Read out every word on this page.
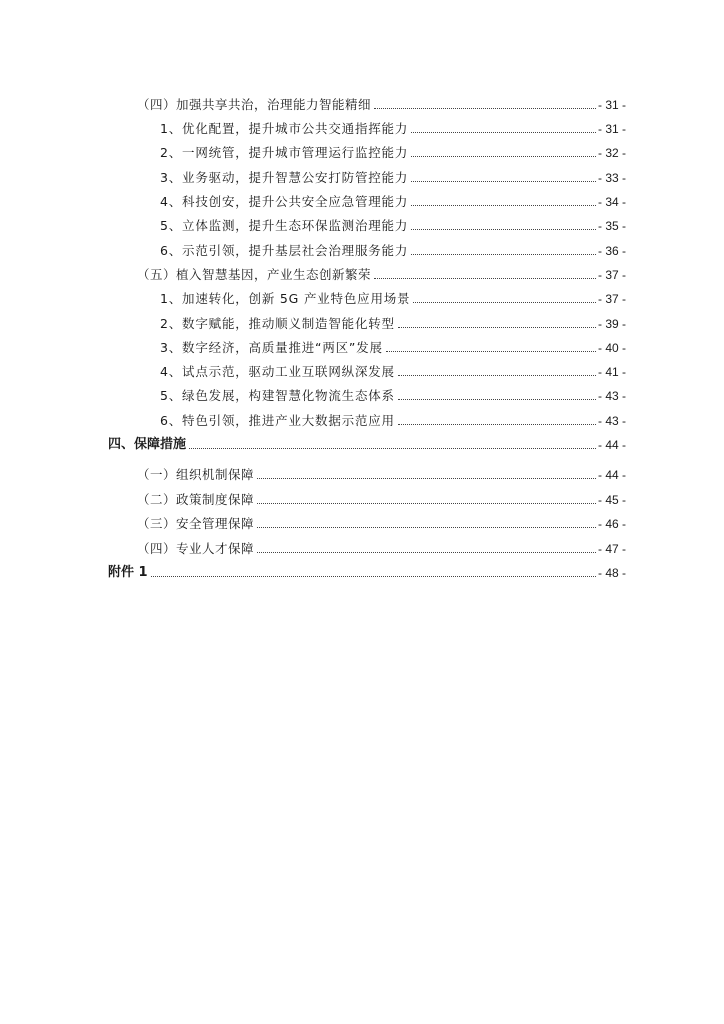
（四）加强共享共治，治理能力智能精细	- 31 -
1、优化配置，提升城市公共交通指挥能力	- 31 -
2、一网统管，提升城市管理运行监控能力	- 32 -
3、业务驱动，提升智慧公安打防管控能力	- 33 -
4、科技创安，提升公共安全应急管理能力	- 34 -
5、立体监测，提升生态环保监测治理能力	- 35 -
6、示范引领，提升基层社会治理服务能力	- 36 -
（五）植入智慧基因，产业生态创新繁荣	- 37 -
1、加速转化，创新 5G 产业特色应用场景	- 37 -
2、数字赋能，推动顺义制造智能化转型	- 39 -
3、数字经济，高质量推进“两区”发展	- 40 -
4、试点示范，驱动工业互联网纵深发展	- 41 -
5、绿色发展，构建智慧化物流生态体系	- 43 -
6、特色引领，推进产业大数据示范应用	- 43 -
四、保障措施	- 44 -
（一）组织机制保障	- 44 -
（二）政策制度保障	- 45 -
（三）安全管理保障	- 46 -
（四）专业人才保障	- 47 -
附件 1	- 48 -
